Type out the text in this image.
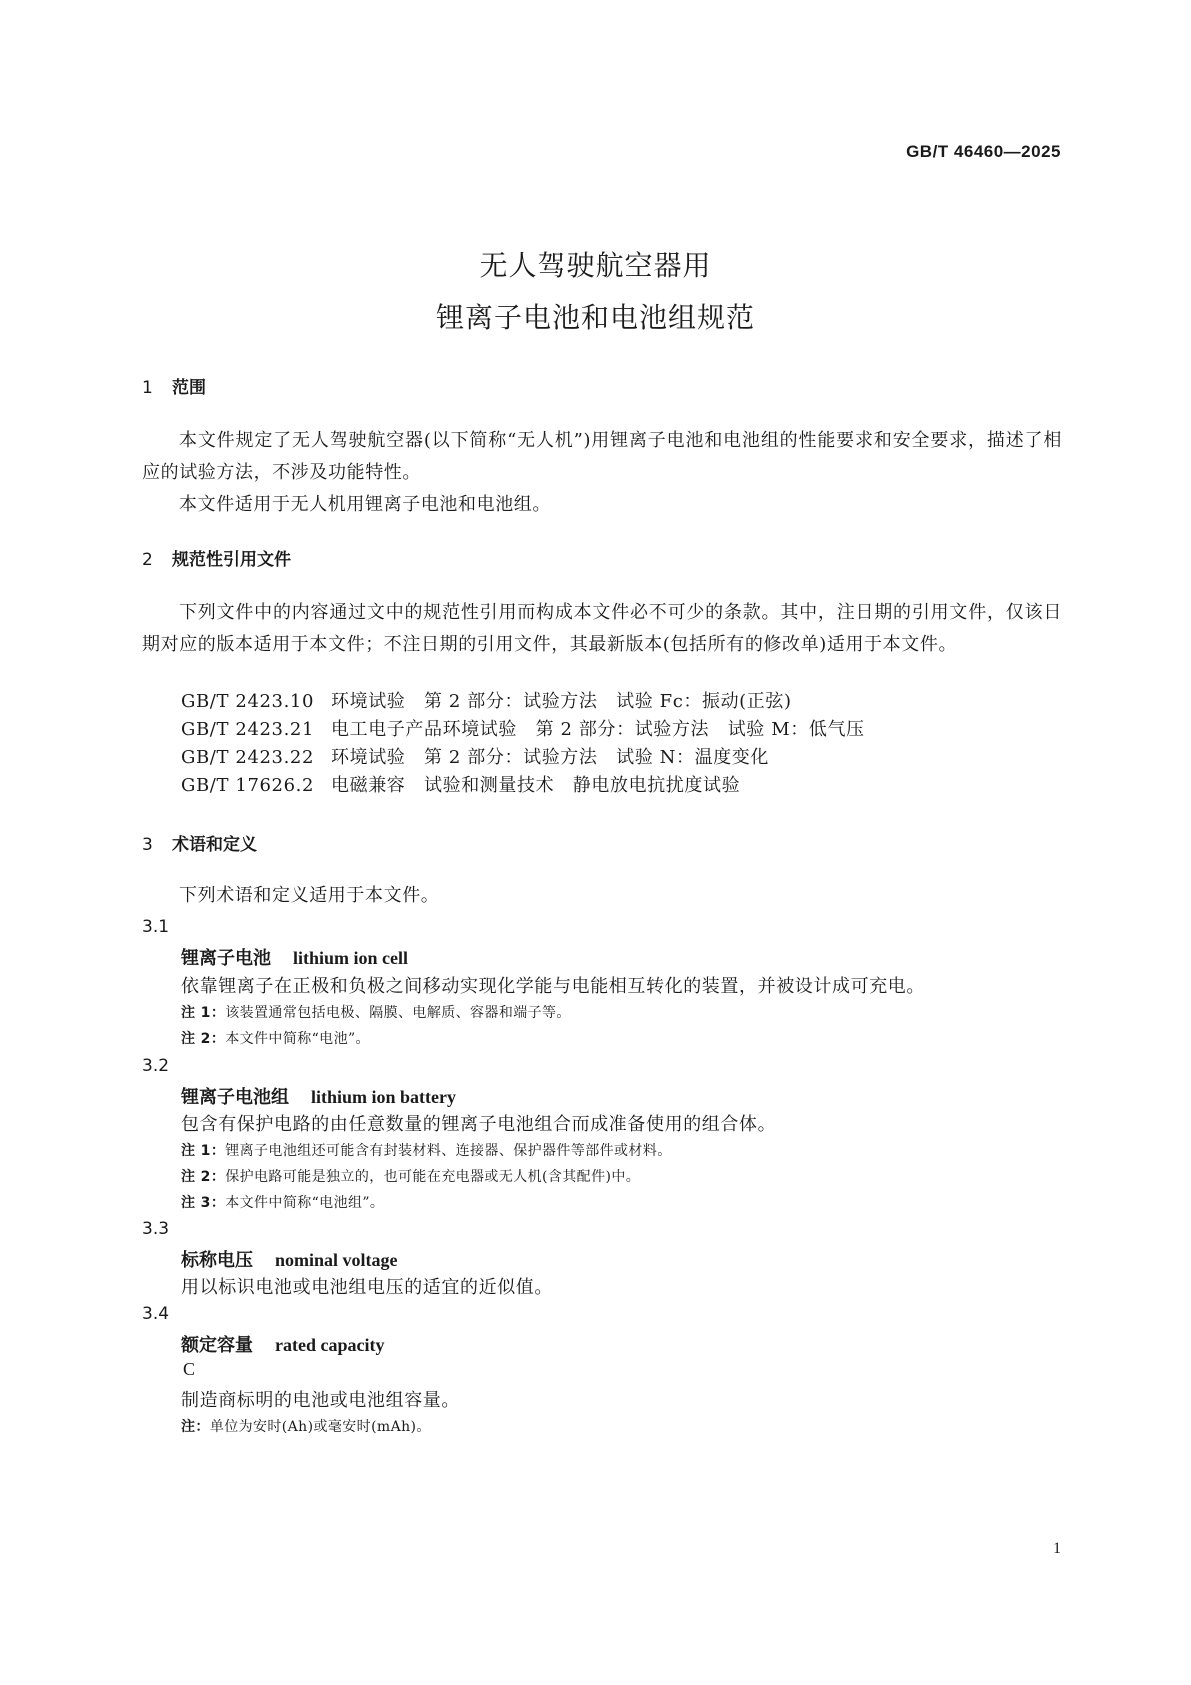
GB/T 46460—2025
无人驾驶航空器用
锂离子电池和电池组规范
1 范围

本文件规定了无人驾驶航空器(以下简称“无人机”)用锂离子电池和电池组的性能要求和安全要求，描述了相应的试验方法，不涉及功能特性。

本文件适用于无人机用锂离子电池和电池组。

2 规范性引用文件

下列文件中的内容通过文中的规范性引用而构成本文件必不可少的条款。其中，注日期的引用文件，仅该日期对应的版本适用于本文件；不注日期的引用文件，其最新版本(包括所有的修改单)适用于本文件。

GB/T 2423.10 环境试验　第 2 部分：试验方法　试验 Fc：振动(正弦)
GB/T 2423.21 电工电子产品环境试验　第 2 部分：试验方法　试验 M：低气压
GB/T 2423.22 环境试验　第 2 部分：试验方法　试验 N：温度变化
GB/T 17626.2 电磁兼容　试验和测量技术　静电放电抗扰度试验
3 术语和定义

下列术语和定义适用于本文件。

3.1
锂离子电池 lithium ion cell
依靠锂离子在正极和负极之间移动实现化学能与电能相互转化的装置，并被设计成可充电。
注 1：该装置通常包括电极、隔膜、电解质、容器和端子等。
注 2：本文件中简称“电池”。
3.2
锂离子电池组 lithium ion battery
包含有保护电路的由任意数量的锂离子电池组合而成准备使用的组合体。
注 1：锂离子电池组还可能含有封装材料、连接器、保护器件等部件或材料。
注 2：保护电路可能是独立的，也可能在充电器或无人机(含其配件)中。
注 3：本文件中简称“电池组”。
3.3
标称电压 nominal voltage
用以标识电池或电池组电压的适宜的近似值。
3.4
额定容量 rated capacity
C
制造商标明的电池或电池组容量。
注：单位为安时(Ah)或毫安时(mAh)。
1
